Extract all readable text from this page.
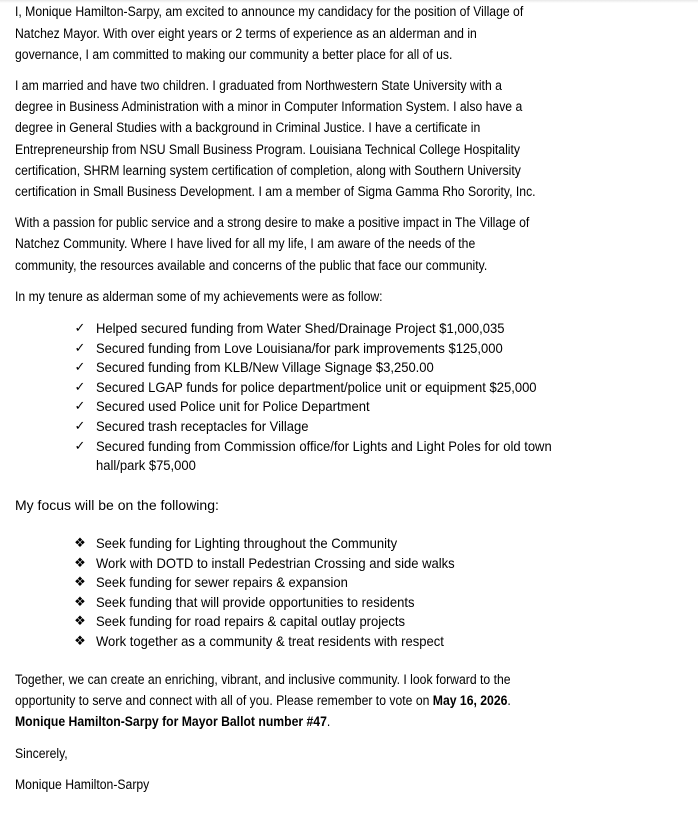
I, Monique Hamilton-Sarpy, am excited to announce my candidacy for the position of Village of
Natchez Mayor. With over eight years or 2 terms of experience as an alderman and in
governance, I am committed to making our community a better place for all of us.
I am married and have two children. I graduated from Northwestern State University with a
degree in Business Administration with a minor in Computer Information System. I also have a
degree in General Studies with a background in Criminal Justice. I have a certificate in
Entrepreneurship from NSU Small Business Program. Louisiana Technical College Hospitality
certification, SHRM learning system certification of completion, along with Southern University
certification in Small Business Development. I am a member of Sigma Gamma Rho Sorority, Inc.
With a passion for public service and a strong desire to make a positive impact in The Village of
Natchez Community. Where I have lived for all my life, I am aware of the needs of the
community, the resources available and concerns of the public that face our community.
In my tenure as alderman some of my achievements were as follow:
✓ Helped secured funding from Water Shed/Drainage Project $1,000,035
✓ Secured funding from Love Louisiana/for park improvements $125,000
✓ Secured funding from KLB/New Village Signage $3,250.00
✓ Secured LGAP funds for police department/police unit or equipment $25,000
✓ Secured used Police unit for Police Department
✓ Secured trash receptacles for Village
✓ Secured funding from Commission office/for Lights and Light Poles for old town
hall/park $75,000
My focus will be on the following:
❖ Seek funding for Lighting throughout the Community
❖ Work with DOTD to install Pedestrian Crossing and side walks
❖ Seek funding for sewer repairs & expansion
❖ Seek funding that will provide opportunities to residents
❖ Seek funding for road repairs & capital outlay projects
❖ Work together as a community & treat residents with respect
Together, we can create an enriching, vibrant, and inclusive community. I look forward to the
opportunity to serve and connect with all of you. Please remember to vote on May 16, 2026.
Monique Hamilton-Sarpy for Mayor Ballot number #47.
Sincerely,
Monique Hamilton-Sarpy
